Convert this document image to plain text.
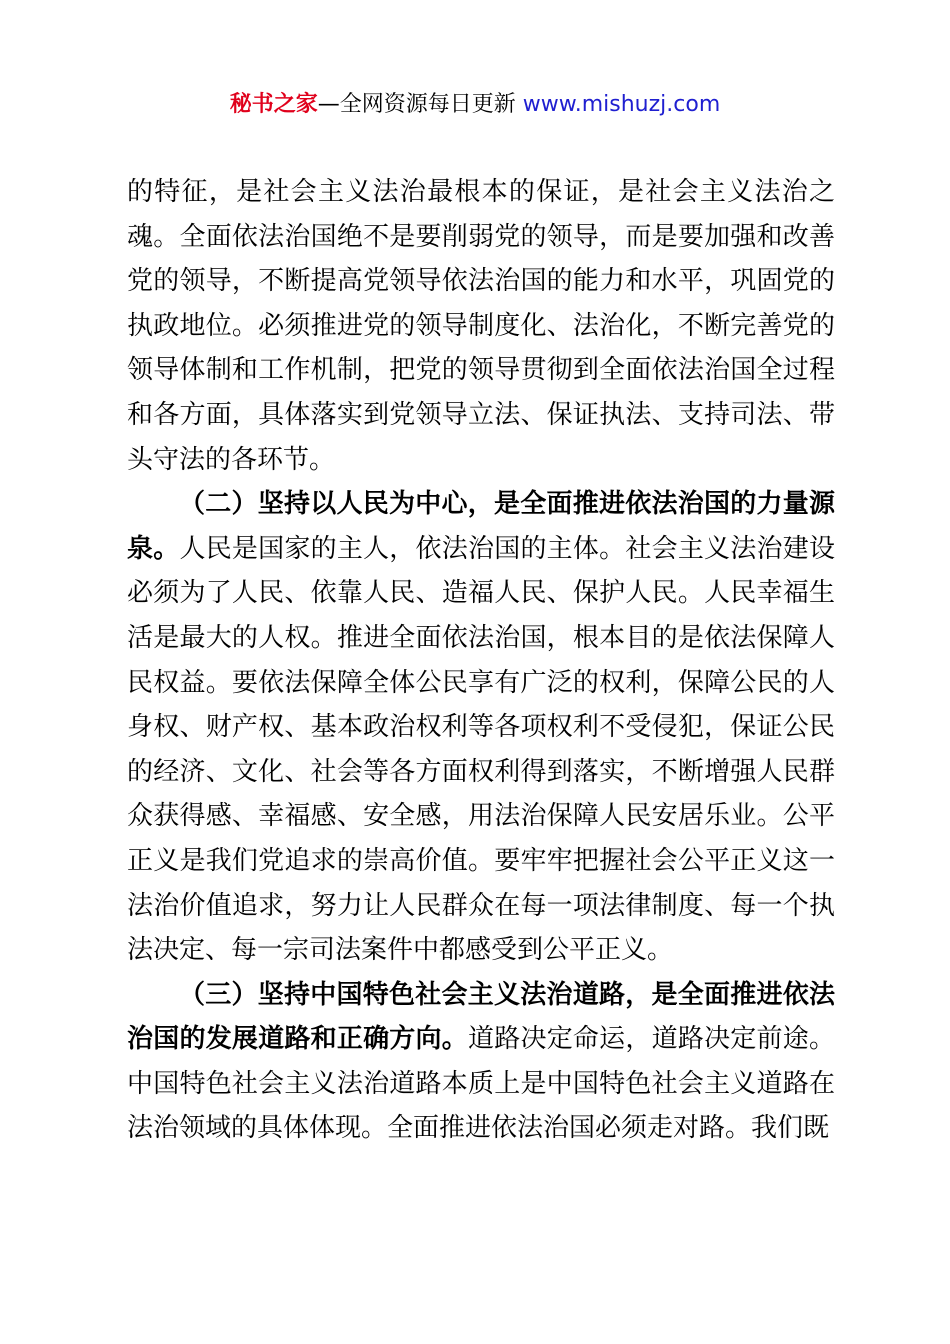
秘书之家—全网资源每日更新 www.mishuzj.com

的特征，是社会主义法治最根本的保证，是社会主义法治之魂。全面依法治国绝不是要削弱党的领导，而是要加强和改善党的领导，不断提高党领导依法治国的能力和水平，巩固党的执政地位。必须推进党的领导制度化、法治化，不断完善党的领导体制和工作机制，把党的领导贯彻到全面依法治国全过程和各方面，具体落实到党领导立法、保证执法、支持司法、带头守法的各环节。

（二）坚持以人民为中心，是全面推进依法治国的力量源泉。人民是国家的主人，依法治国的主体。社会主义法治建设必须为了人民、依靠人民、造福人民、保护人民。人民幸福生活是最大的人权。推进全面依法治国，根本目的是依法保障人民权益。要依法保障全体公民享有广泛的权利，保障公民的人身权、财产权、基本政治权利等各项权利不受侵犯，保证公民的经济、文化、社会等各方面权利得到落实，不断增强人民群众获得感、幸福感、安全感，用法治保障人民安居乐业。公平正义是我们党追求的崇高价值。要牢牢把握社会公平正义这一法治价值追求，努力让人民群众在每一项法律制度、每一个执法决定、每一宗司法案件中都感受到公平正义。

（三）坚持中国特色社会主义法治道路，是全面推进依法治国的发展道路和正确方向。道路决定命运，道路决定前途。中国特色社会主义法治道路本质上是中国特色社会主义道路在法治领域的具体体现。全面推进依法治国必须走对路。我们既
